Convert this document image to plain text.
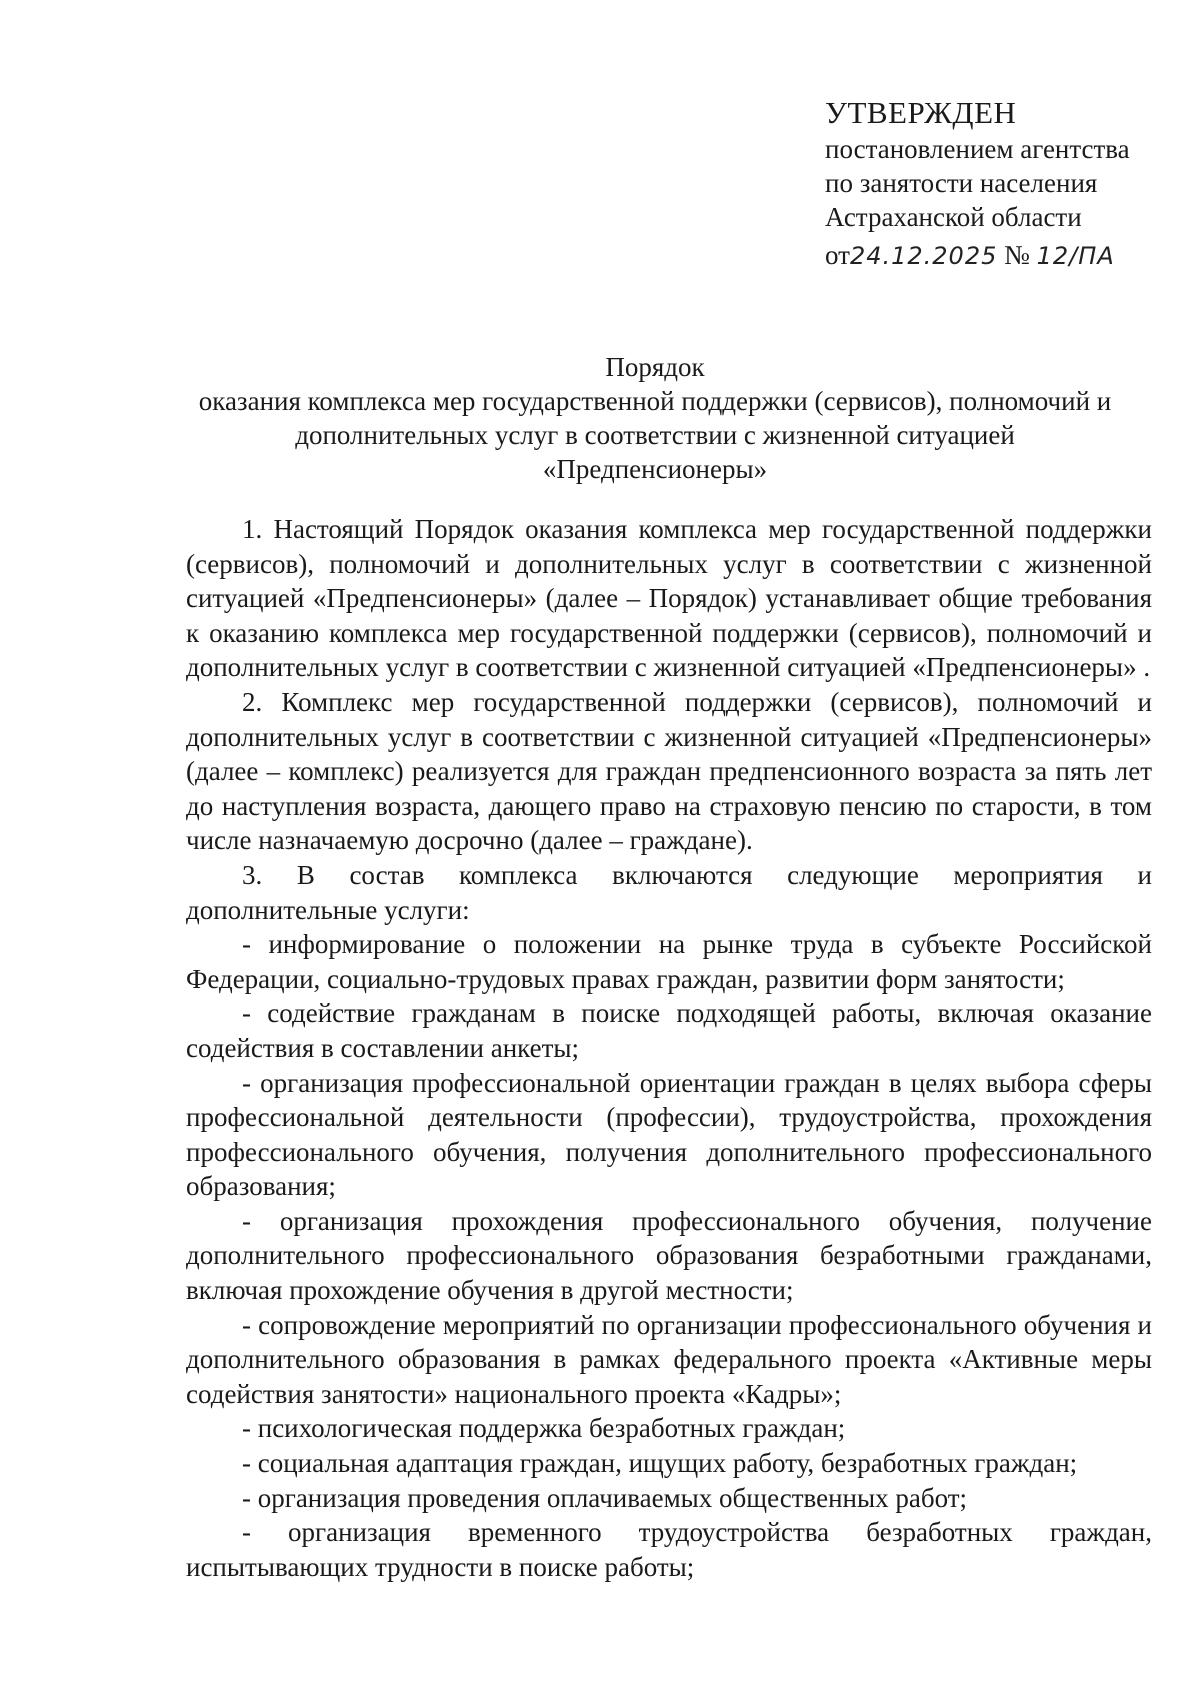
УТВЕРЖДЕН
постановлением агентства
по занятости населения
Астраханской области
от24.12.2025 № 12/ПА
Порядок
оказания комплекса мер государственной поддержки (сервисов), полномочий и
дополнительных услуг в соответствии с жизненной ситуацией
«Предпенсионеры»

1. Настоящий Порядок оказания комплекса мер государственной поддержки (сервисов), полномочий и дополнительных услуг в соответствии с жизненной ситуацией «Предпенсионеры» (далее – Порядок) устанавливает общие требования к оказанию комплекса мер государственной поддержки (сервисов), полномочий и дополнительных услуг в соответствии с жизненной ситуацией «Предпенсионеры» .

2. Комплекс мер государственной поддержки (сервисов), полномочий и дополнительных услуг в соответствии с жизненной ситуацией «Предпенсионеры» (далее – комплекс) реализуется для граждан предпенсионного возраста за пять лет до наступления возраста, дающего право на страховую пенсию по старости, в том числе назначаемую досрочно (далее – граждане).

3. В состав комплекса включаются следующие мероприятия и дополнительные услуги:

- информирование о положении на рынке труда в субъекте Российской Федерации, социально-трудовых правах граждан, развитии форм занятости;

- содействие гражданам в поиске подходящей работы, включая оказание содействия в составлении анкеты;

- организация профессиональной ориентации граждан в целях выбора сферы профессиональной деятельности (профессии), трудоустройства, прохождения профессионального обучения, получения дополнительного профессионального образования;

- организация прохождения профессионального обучения, получение дополнительного профессионального образования безработными гражданами, включая прохождение обучения в другой местности;

- сопровождение мероприятий по организации профессионального обучения и дополнительного образования в рамках федерального проекта «Активные меры содействия занятости» национального проекта «Кадры»;

- психологическая поддержка безработных граждан;

- социальная адаптация граждан, ищущих работу, безработных граждан;

- организация проведения оплачиваемых общественных работ;

- организация временного трудоустройства безработных граждан, испытывающих трудности в поиске работы;
